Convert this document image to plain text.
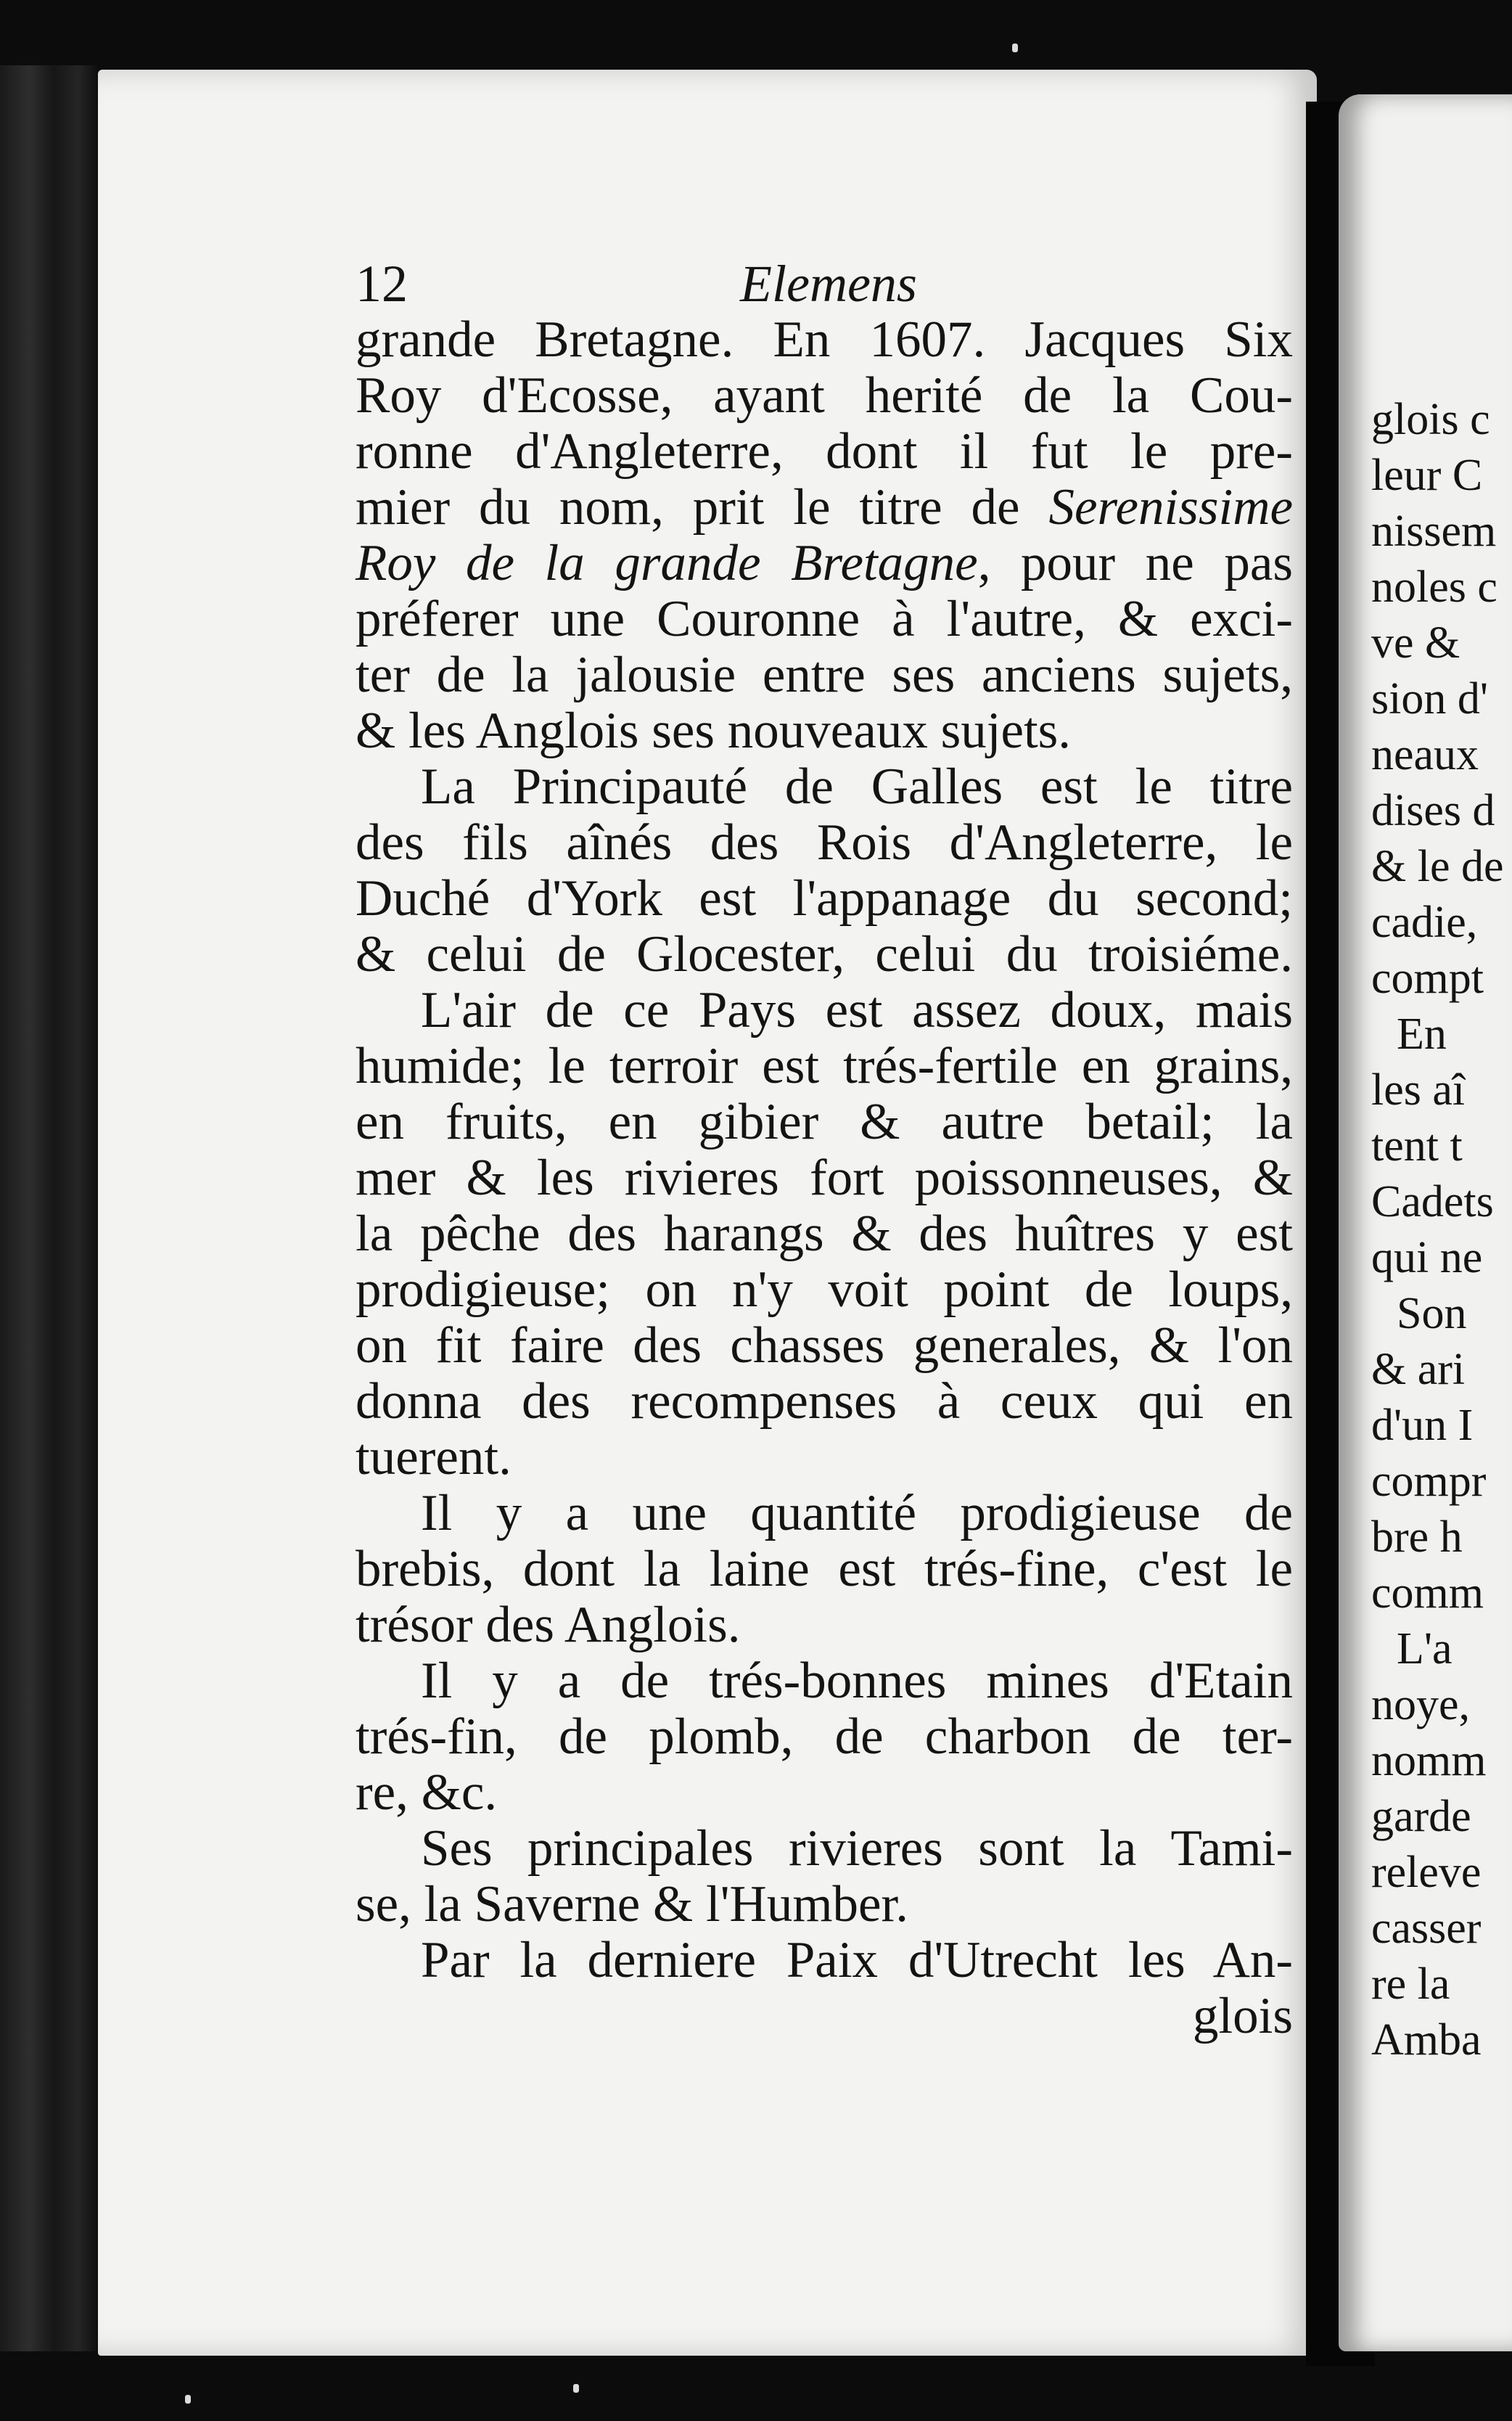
12	Elemens
grande Bretagne. En 1607. Jacques Six
Roy d'Ecosse, ayant herité de la Cou-
ronne d'Angleterre, dont il fut le pre-
mier du nom, prit le titre de Serenissime
Roy de la grande Bretagne, pour ne pas
préferer une Couronne à l'autre, & exci-
ter de la jalousie entre ses anciens sujets,
& les Anglois ses nouveaux sujets.
La Principauté de Galles est le titre
des fils aînés des Rois d'Angleterre, le
Duché d'York est l'appanage du second;
& celui de Glocester, celui du troisiéme.
L'air de ce Pays est assez doux, mais
humide; le terroir est trés-fertile en grains,
en fruits, en gibier & autre betail; la
mer & les rivieres fort poissonneuses, &
la pêche des harangs & des huîtres y est
prodigieuse; on n'y voit point de loups,
on fit faire des chasses generales, & l'on
donna des recompenses à ceux qui en
tuerent.
Il y a une quantité prodigieuse de
brebis, dont la laine est trés-fine, c'est le
trésor des Anglois.
Il y a de trés-bonnes mines d'Etain
trés-fin, de plomb, de charbon de ter-
re, &c.
Ses principales rivieres sont la Tami-
se, la Saverne & l'Humber.
Par la derniere Paix d'Utrecht les An-
glois
glois c
leur C
nissem
noles c
ve &
sion d'
neaux
dises d
& le de
cadie,
compt
En
les aî
tent t
Cadets
qui ne
Son
& ari
d'un I
compr
bre h
comm
L'a
noye,
nomm
garde
releve
casser
re la
Amba
